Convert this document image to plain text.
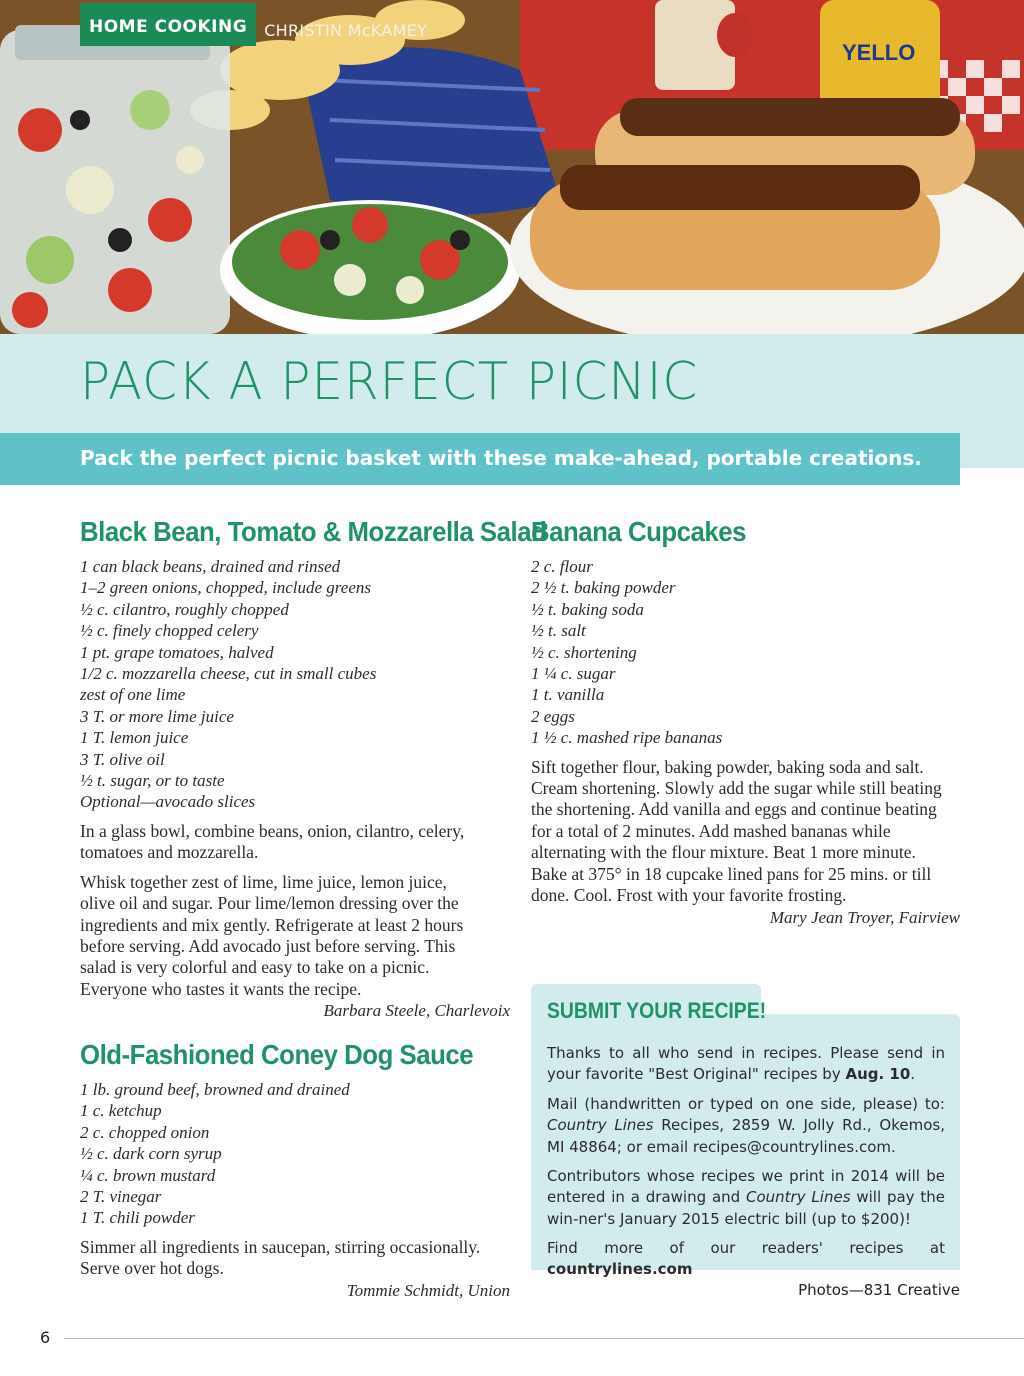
YELLO
HOME COOKING	CHRISTIN McKAMEY
PACK A PERFECT PICNIC
Pack the perfect picnic basket with these make-ahead, portable creations.
Black Bean, Tomato & Mozzarella Salad
1 can black beans, drained and rinsed
1–2 green onions, chopped, include greens
½ c. cilantro, roughly chopped
½ c. finely chopped celery
1 pt. grape tomatoes, halved
1/2 c. mozzarella cheese, cut in small cubes
zest of one lime
3 T. or more lime juice
1 T. lemon juice
3 T. olive oil
½ t. sugar, or to taste
Optional—avocado slices

In a glass bowl, combine beans, onion, cilantro, celery, tomatoes and mozzarella.

Whisk together zest of lime, lime juice, lemon juice, olive oil and sugar. Pour lime/lemon dressing over the ingredients and mix gently. Refrigerate at least 2 hours before serving. Add avocado just before serving. This salad is very colorful and easy to take on a picnic. Everyone who tastes it wants the recipe.

Barbara Steele, Charlevoix

Old-Fashioned Coney Dog Sauce
1 lb. ground beef, browned and drained
1 c. ketchup
2 c. chopped onion
½ c. dark corn syrup
¼ c. brown mustard
2 T. vinegar
1 T. chili powder

Simmer all ingredients in saucepan, stirring occasionally. Serve over hot dogs.

Tommie Schmidt, Union

Banana Cupcakes
2 c. flour
2 ½ t. baking powder
½ t. baking soda
½ t. salt
½ c. shortening
1 ¼ c. sugar
1 t. vanilla
2 eggs
1 ½ c. mashed ripe bananas

Sift together flour, baking powder, baking soda and salt. Cream shortening. Slowly add the sugar while still beating the shortening. Add vanilla and eggs and continue beating for a total of 2 minutes. Add mashed bananas while alternating with the flour mixture. Beat 1 more minute. Bake at 375° in 18 cupcake lined pans for 25 mins. or till done. Cool. Frost with your favorite frosting.

Mary Jean Troyer, Fairview

SUBMIT YOUR RECIPE!
Thanks to all who send in recipes. Please send in your favorite "Best Original" recipes by Aug. 10.
Mail (handwritten or typed on one side, please) to: Country Lines Recipes, 2859 W. Jolly Rd., Okemos, MI 48864; or email recipes@countrylines.com.
Contributors whose recipes we print in 2014 will be entered in a drawing and Country Lines will pay the win-ner's January 2015 electric bill (up to $200)!
Find more of our readers' recipes at countrylines.com
Photos—831 Creative
6
